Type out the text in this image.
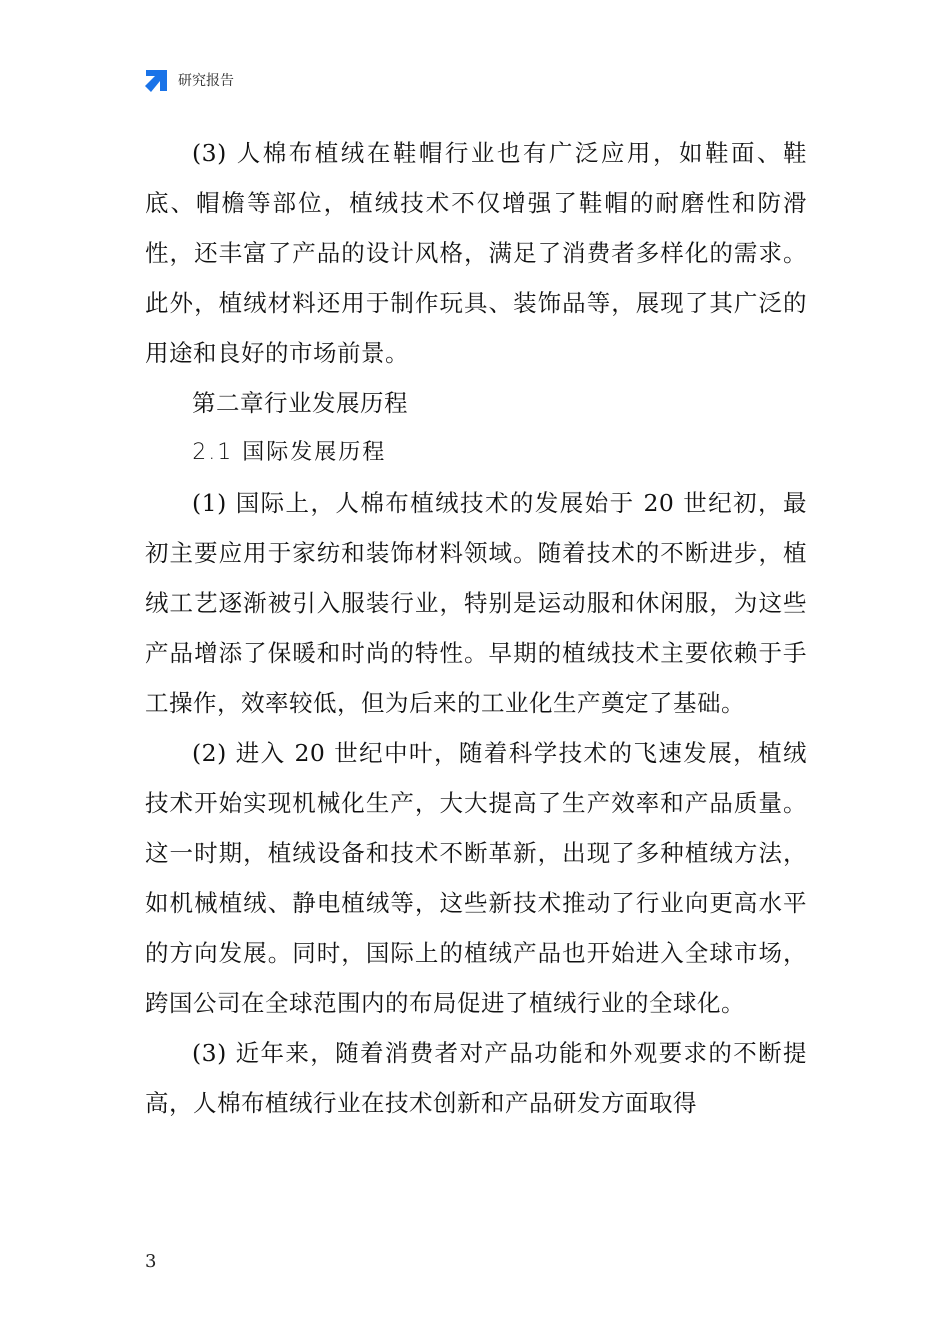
研究报告

(3) 人棉布植绒在鞋帽行业也有广泛应用，如鞋面、鞋底、帽檐等部位，植绒技术不仅增强了鞋帽的耐磨性和防滑性，还丰富了产品的设计风格，满足了消费者多样化的需求。此外，植绒材料还用于制作玩具、装饰品等，展现了其广泛的用途和良好的市场前景。

第二章行业发展历程

2.1 国际发展历程

(1) 国际上，人棉布植绒技术的发展始于 20 世纪初，最初主要应用于家纺和装饰材料领域。随着技术的不断进步，植绒工艺逐渐被引入服装行业，特别是运动服和休闲服，为这些产品增添了保暖和时尚的特性。早期的植绒技术主要依赖于手工操作，效率较低，但为后来的工业化生产奠定了基础。

(2) 进入 20 世纪中叶，随着科学技术的飞速发展，植绒技术开始实现机械化生产，大大提高了生产效率和产品质量。这一时期，植绒设备和技术不断革新，出现了多种植绒方法，如机械植绒、静电植绒等，这些新技术推动了行业向更高水平的方向发展。同时，国际上的植绒产品也开始进入全球市场，跨国公司在全球范围内的布局促进了植绒行业的全球化。

(3) 近年来，随着消费者对产品功能和外观要求的不断提高，人棉布植绒行业在技术创新和产品研发方面取得

3
